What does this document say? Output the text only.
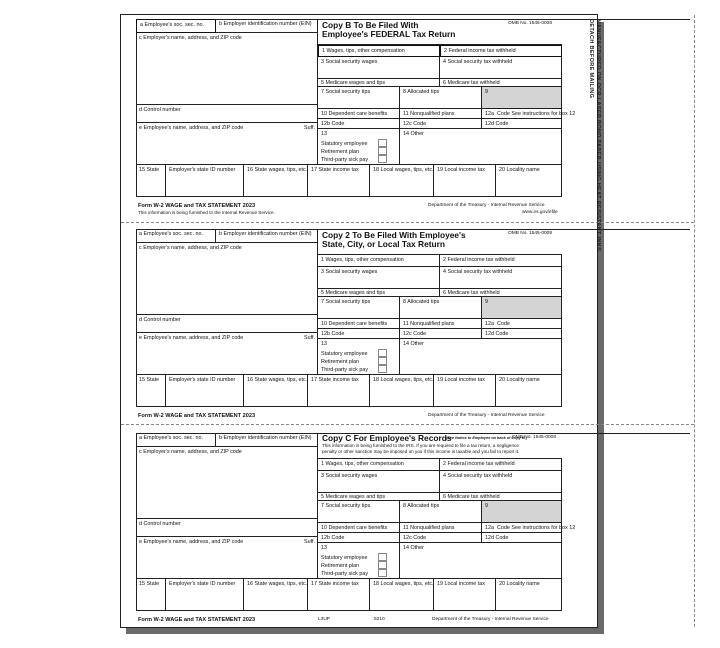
DETACH BEFORE MAILING MANUFACTURED ON OCR LASER BOND PAPER USING HEAT RESISTANT INKS
a Employee's soc. sec. no.	b Employer identification number (EIN) Copy B To Be Filed With
Employee's FEDERAL Tax Return
OMB No. 1545-0008
c Employer's name, address, and ZIP code
d Control number
e Employee's name, address, and ZIP code	Suff.
1 Wages, tips, other compensation	2 Federal income tax withheld
3 Social security wages	4 Social security tax withheld
5 Medicare wages and tips	6 Medicare tax withheld
7 Social security tips	8 Allocated tips	9
10 Dependent care benefits	11 Nonqualified plans	12a Code See instructions for box 12
12b Code	12c Code	12d Code
13
Statutory employee
Retirement plan
Third-party sick pay
14 Other
15 State Employer's state ID number 16 State wages, tips, etc. 17 State income tax	18 Local wages, tips, etc. 19 Local income tax	20 Locality name
Form W-2 WAGE and TAX STATEMENT 2023
This information is being furnished to the Internal Revenue Service.
Department of the Treasury - Internal Revenue Service
www.irs.gov/efile
a Employee's soc. sec. no.	b Employer identification number (EIN) Copy 2 To Be Filed With Employee's
State, City, or Local Tax Return
OMB No. 1545-0008
c Employer's name, address, and ZIP code
d Control number
e Employee's name, address, and ZIP code	Suff.
1 Wages, tips, other compensation	2 Federal income tax withheld
3 Social security wages	4 Social security tax withheld
5 Medicare wages and tips	6 Medicare tax withheld
7 Social security tips	8 Allocated tips	9
10 Dependent care benefits	11 Nonqualified plans	12a Code
12b Code	12c Code	12d Code
13
Statutory employee
Retirement plan
Third-party sick pay
14 Other
15 State Employer's state ID number 16 State wages, tips, etc. 17 State income tax	18 Local wages, tips, etc. 19 Local income tax	20 Locality name
Form W-2 WAGE and TAX STATEMENT 2023	Department of the Treasury - Internal Revenue Service
a Employee's soc. sec. no.	b Employer identification number (EIN) Copy C For Employee's Records
(See Notice to Employee on back of Copy B.)
OMB No. 1545-0008
This information is being furnished to the IRS. If you are required to file a tax return, a negligence
penalty or other sanction may be imposed on you if this income is taxable and you fail to report it.
c Employer's name, address, and ZIP code
d Control number
e Employee's name, address, and ZIP code	Suff.
1 Wages, tips, other compensation	2 Federal income tax withheld
3 Social security wages	4 Social security tax withheld
5 Medicare wages and tips	6 Medicare tax withheld
7 Social security tips	8 Allocated tips	9
10 Dependent care benefits	11 Nonqualified plans	12a Code See instructions for box 12
12b Code	12c Code	12d Code
13
Statutory employee
Retirement plan
Third-party sick pay
14 Other
15 State Employer's state ID number 16 State wages, tips, etc. 17 State income tax	18 Local wages, tips, etc. 19 Local income tax	20 Locality name
Form W-2 WAGE and TAX STATEMENT 2023	L3UP	5210	Department of the Treasury - Internal Revenue Service
